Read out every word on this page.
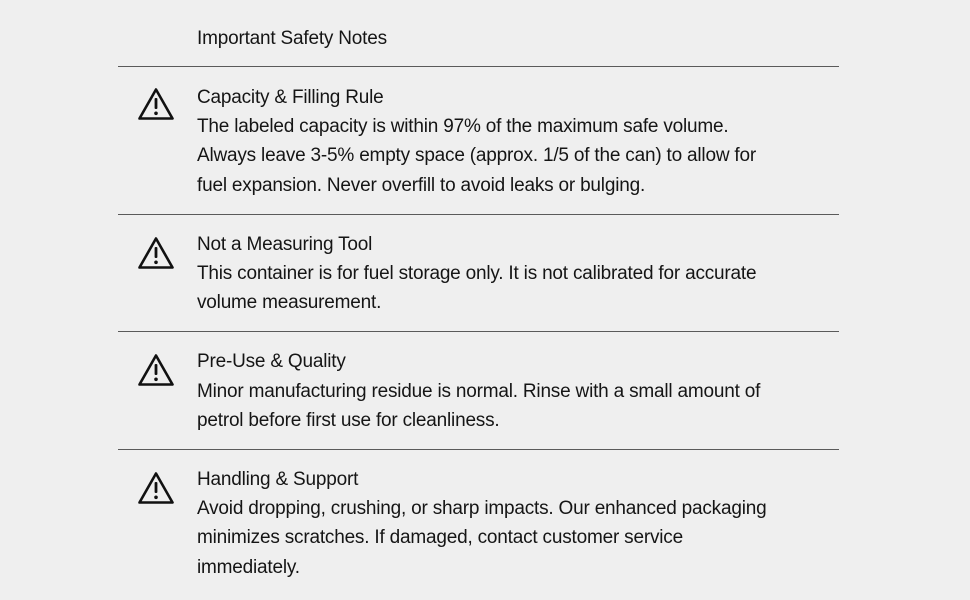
Important Safety Notes
Capacity & Filling Rule
The labeled capacity is within 97% of the maximum safe volume.
Always leave 3-5% empty space (approx. 1/5 of the can) to allow for
fuel expansion. Never overfill to avoid leaks or bulging.
Not a Measuring Tool
This container is for fuel storage only. It is not calibrated for accurate
volume measurement.
Pre-Use & Quality
Minor manufacturing residue is normal. Rinse with a small amount of
petrol before first use for cleanliness.
Handling & Support
Avoid dropping, crushing, or sharp impacts. Our enhanced packaging
minimizes scratches. If damaged, contact customer service
immediately.
